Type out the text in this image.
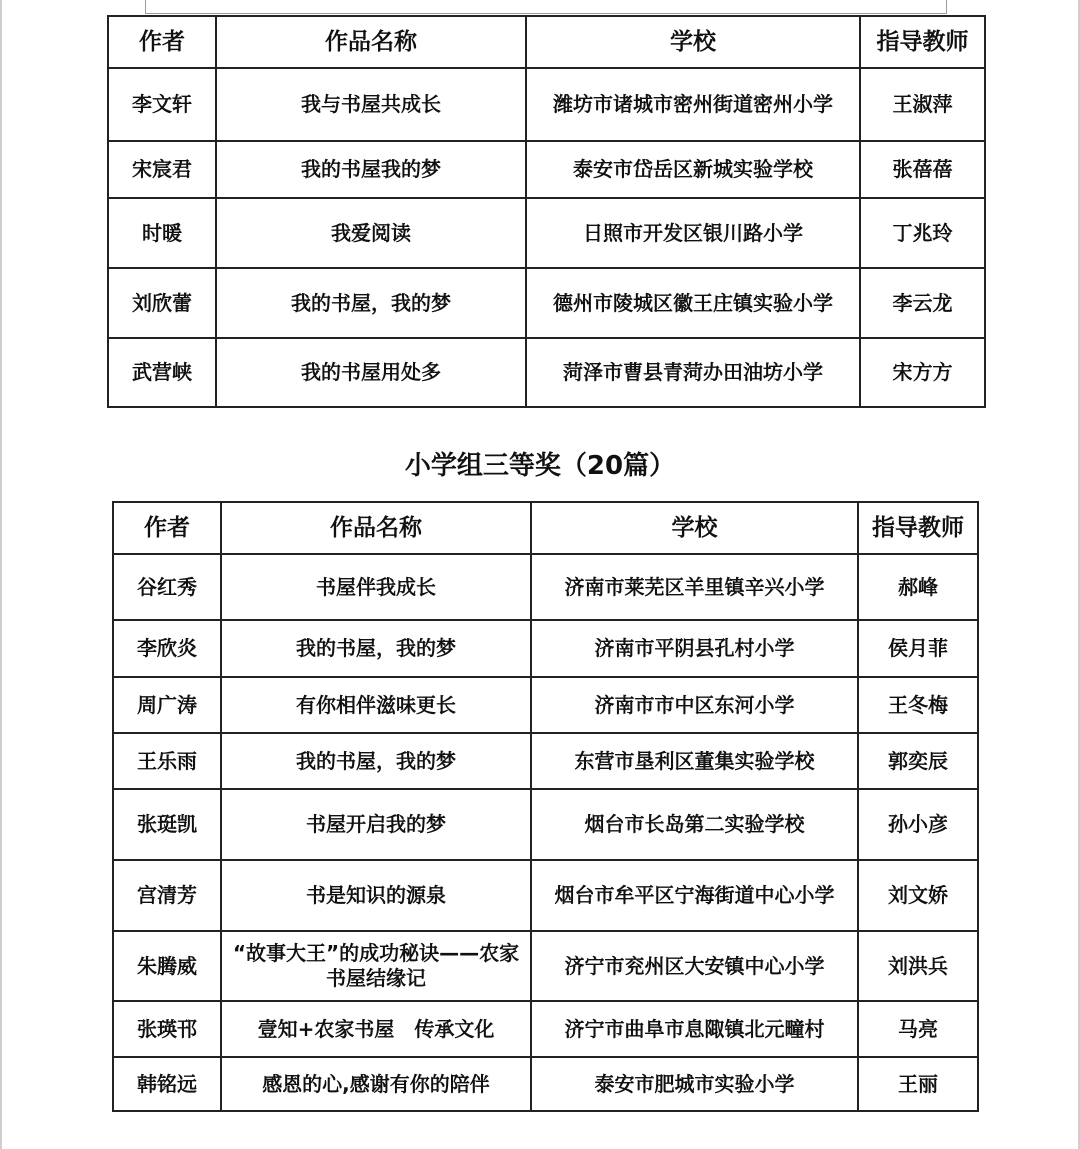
作者	作品名称	学校	指导教师
李文轩	我与书屋共成长	潍坊市诸城市密州街道密州小学	王淑萍
宋宸君	我的书屋我的梦	泰安市岱岳区新城实验学校	张蓓蓓
时暖	我爱阅读	日照市开发区银川路小学	丁兆玲
刘欣蕾	我的书屋，我的梦	德州市陵城区徽王庄镇实验小学	李云龙
武营峡	我的书屋用处多	菏泽市曹县青菏办田油坊小学	宋方方
小学组三等奖（20篇）
作者	作品名称	学校	指导教师
谷红秀	书屋伴我成长	济南市莱芜区羊里镇辛兴小学	郝峰
李欣炎	我的书屋，我的梦	济南市平阴县孔村小学	侯月菲
周广涛	有你相伴滋味更长	济南市市中区东河小学	王冬梅
王乐雨	我的书屋，我的梦	东营市垦利区董集实验学校	郭奕辰
张珽凯	书屋开启我的梦	烟台市长岛第二实验学校	孙小彦
宫清芳	书是知识的源泉	烟台市牟平区宁海街道中心小学	刘文娇
朱腾威	“故事大王”的成功秘诀——农家书屋结缘记	济宁市兖州区大安镇中心小学	刘洪兵
张瑛邗	壹知+农家书屋　传承文化	济宁市曲阜市息陬镇北元疃村	马亮
韩铭远	感恩的心,感谢有你的陪伴	泰安市肥城市实验小学	王丽
